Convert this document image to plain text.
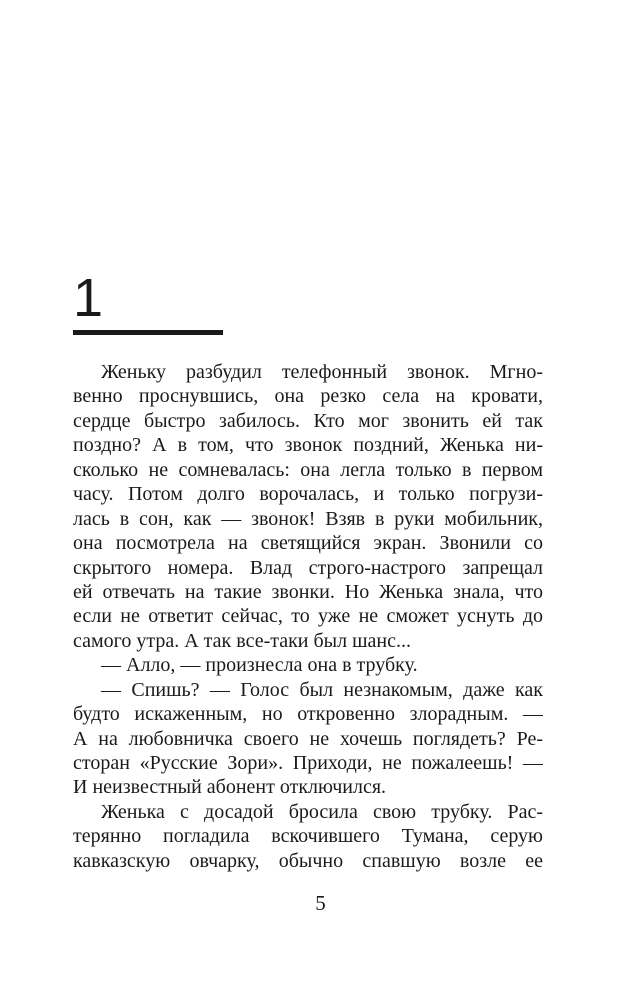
1
Женьку разбудил телефонный звонок. Мгно-
венно проснувшись, она резко села на кровати,
сердце быстро забилось. Кто мог звонить ей так
поздно? А в том, что звонок поздний, Женька ни-
сколько не сомневалась: она легла только в первом
часу. Потом долго ворочалась, и только погрузи-
лась в сон, как — звонок! Взяв в руки мобильник,
она посмотрела на светящийся экран. Звонили со
скрытого номера. Влад строго-настрого запрещал
ей отвечать на такие звонки. Но Женька знала, что
если не ответит сейчас, то уже не сможет уснуть до
самого утра. А так все-таки был шанс...
— Алло, — произнесла она в трубку.
— Спишь? — Голос был незнакомым, даже как
будто искаженным, но откровенно злорадным. —
А на любовничка своего не хочешь поглядеть? Ре-
сторан «Русские Зори». Приходи, не пожалеешь! —
И неизвестный абонент отключился.
Женька с досадой бросила свою трубку. Рас-
терянно погладила вскочившего Тумана, серую
кавказскую овчарку, обычно спавшую возле ее
5
